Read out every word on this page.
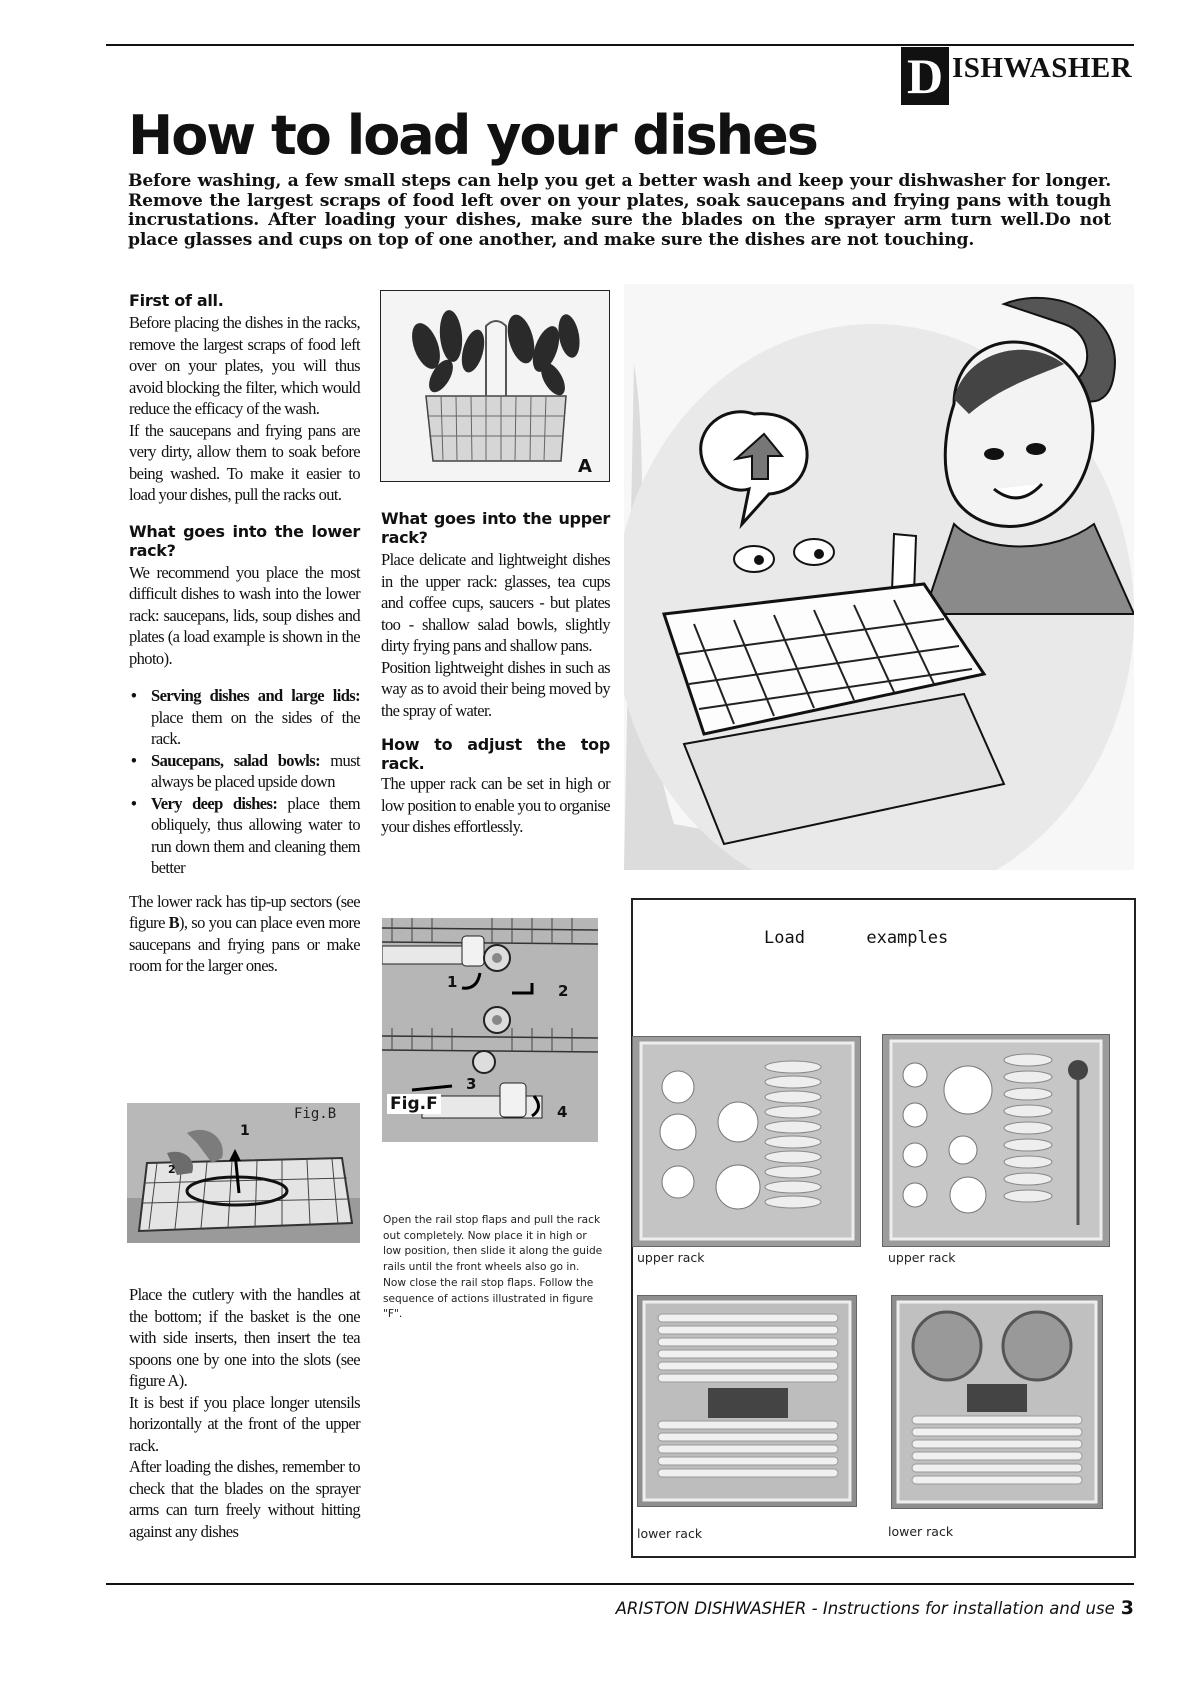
D ISHWASHER
How to load your dishes
Before washing, a few small steps can help you get a better wash and keep your dishwasher for longer. Remove the largest scraps of food left over on your plates, soak saucepans and frying pans with tough incrustations. After loading your dishes, make sure the blades on the sprayer arm turn well.Do not place glasses and cups on top of one another, and make sure the dishes are not touching.

First of all.

Before placing the dishes in the racks, remove the largest scraps of food left over on your plates, you will thus avoid blocking the filter, which would reduce the efficacy of the wash.

If the saucepans and frying pans are very dirty, allow them to soak before being washed. To make it easier to load your dishes, pull the racks out.

What goes into the lower rack?

We recommend you place the most difficult dishes to wash into the lower rack: saucepans, lids, soup dishes and plates (a load example is shown in the photo).

• Serving dishes and large lids: place them on the sides of the rack.
• Saucepans, salad bowls: must always be placed upside down
• Very deep dishes: place them obliquely, thus allowing water to run down them and cleaning them better

The lower rack has tip-up sectors (see figure B), so you can place even more saucepans and frying pans or make room for the larger ones.

Fig.B
1
2

Place the cutlery with the handles at the bottom; if the basket is the one with side inserts, then insert the tea spoons one by one into the slots (see figure A).

It is best if you place longer utensils horizontally at the front of the upper rack.

After loading the dishes, remember to check that the blades on the sprayer arms can turn freely without hitting against any dishes

A

What goes into the upper rack?

Place delicate and lightweight dishes in the upper rack: glasses, tea cups and coffee cups, saucers - but plates too - shallow salad bowls, slightly dirty frying pans and shallow pans.

Position lightweight dishes in such as way as to avoid their being moved by the spray of water.

How to adjust the top rack.

The upper rack can be set in high or low position to enable you to organise your dishes effortlessly.

1	2
3
4
Fig.F
Open the rail stop flaps and pull the rack out completely. Now place it in high or low position, then slide it along the guide rails until the front wheels also go in. Now close the rail stop flaps. Follow the sequence of actions illustrated in figure "F".
Load      examples
upper rack	upper rack
lower rack	lower rack
ARISTON DISHWASHER - Instructions for installation and use 3
